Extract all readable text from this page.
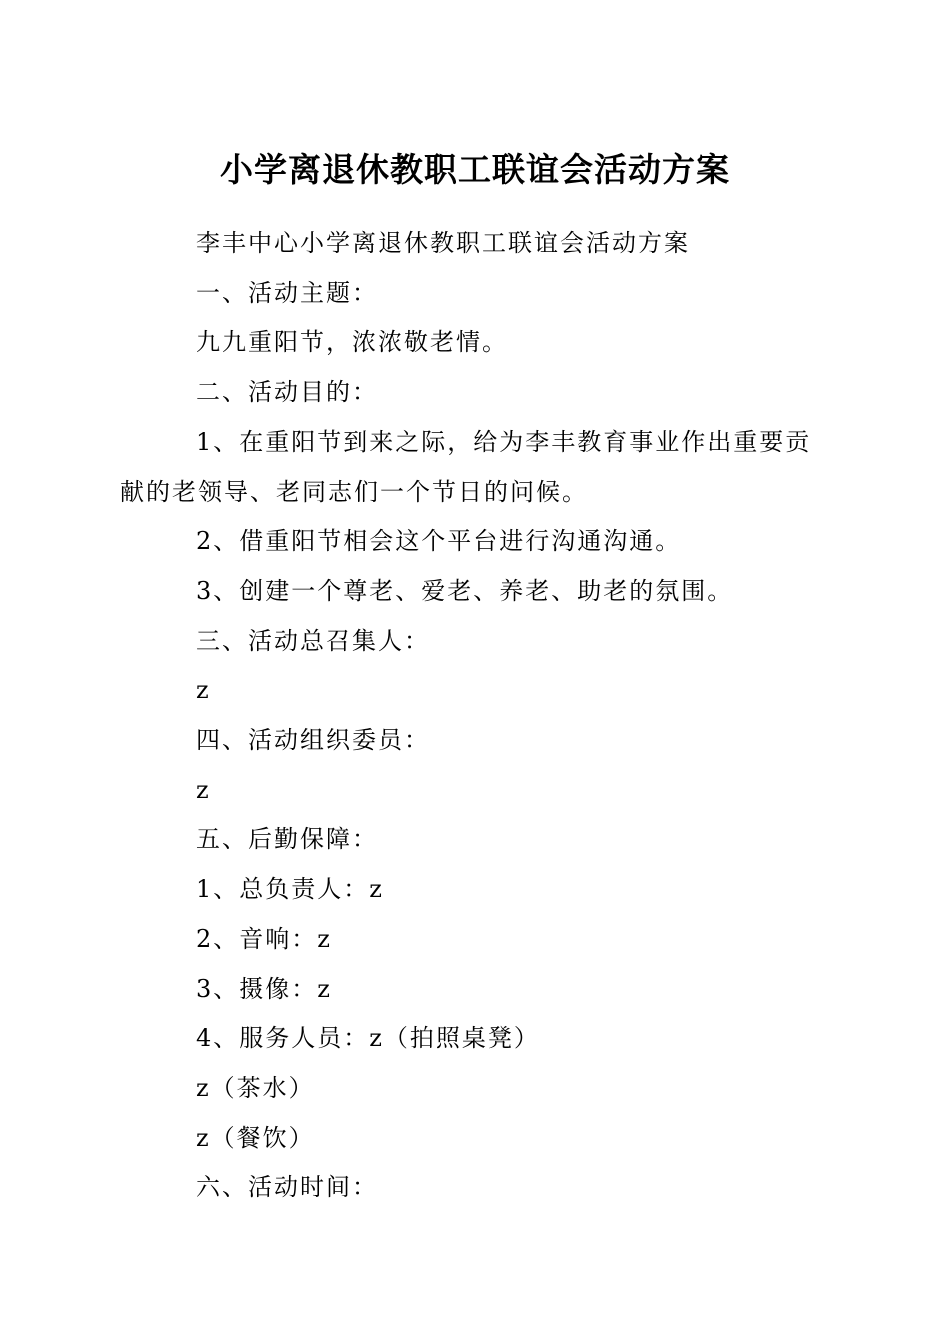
小学离退休教职工联谊会活动方案

李丰中心小学离退休教职工联谊会活动方案

一、活动主题：

九九重阳节，浓浓敬老情。

二、活动目的：

1、在重阳节到来之际，给为李丰教育事业作出重要贡献的老领导、老同志们一个节日的问候。

2、借重阳节相会这个平台进行沟通沟通。

3、创建一个尊老、爱老、养老、助老的氛围。

三、活动总召集人：

z

四、活动组织委员：

z

五、后勤保障：

1、总负责人：z

2、音响：z

3、摄像：z

4、服务人员：z（拍照桌凳）

z（茶水）

z（餐饮）

六、活动时间：
